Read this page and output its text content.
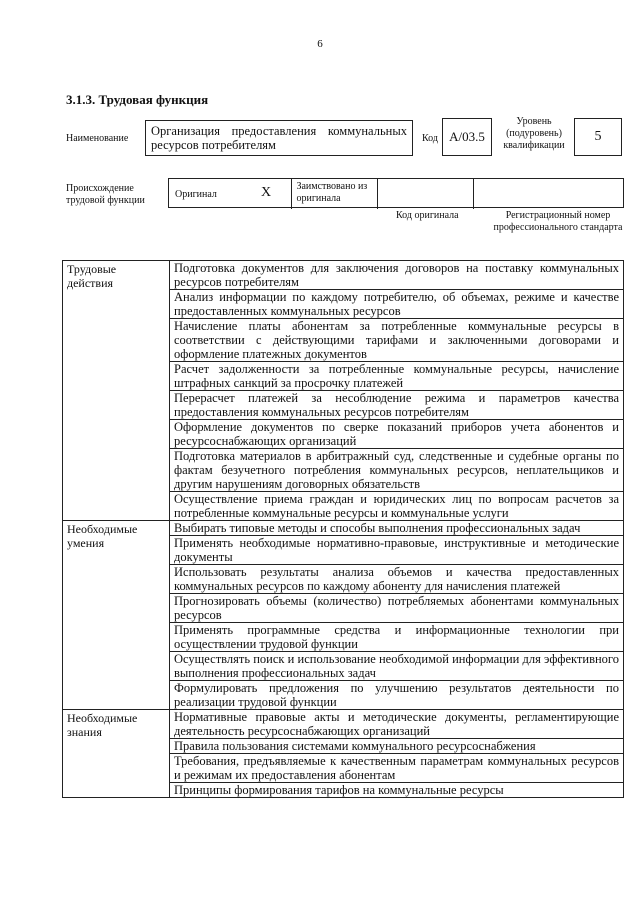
6
3.1.3. Трудовая функция
Наименование
Организация предоставления коммунальных ресурсов потребителям	Код А/03.5
Уровень (подуровень) квалификации
5
Происхождение трудовой функции
Оригинал	X	Заимствовано из оригинала
Код оригинала	Регистрационный номер профессионального стандарта
Трудовые действия	Подготовка документов для заключения договоров на поставку коммунальных ресурсов потребителям
	Анализ информации по каждому потребителю, об объемах, режиме и качестве предоставленных коммунальных ресурсов
	Начисление платы абонентам за потребленные коммунальные ресурсы в соответствии с действующими тарифами и заключенными договорами и оформление платежных документов
	Расчет задолженности за потребленные коммунальные ресурсы, начисление штрафных санкций за просрочку платежей
	Перерасчет платежей за несоблюдение режима и параметров качества предоставления коммунальных ресурсов потребителям
	Оформление документов по сверке показаний приборов учета абонентов и ресурсоснабжающих организаций
	Подготовка материалов в арбитражный суд, следственные и судебные органы по фактам безучетного потребления коммунальных ресурсов, неплательщиков и другим нарушениям договорных обязательств
	Осуществление приема граждан и юридических лиц по вопросам расчетов за потребленные коммунальные ресурсы и коммунальные услуги
Необходимые умения	Выбирать типовые методы и способы выполнения профессиональных задач
	Применять необходимые нормативно-правовые, инструктивные и методические документы
	Использовать результаты анализа объемов и качества предоставленных коммунальных ресурсов по каждому абоненту для начисления платежей
	Прогнозировать объемы (количество) потребляемых абонентами коммунальных ресурсов
	Применять программные средства и информационные технологии при осуществлении трудовой функции
	Осуществлять поиск и использование необходимой информации для эффективного выполнения профессиональных задач
	Формулировать предложения по улучшению результатов деятельности по реализации трудовой функции
Необходимые знания	Нормативные правовые акты и методические документы, регламентирующие деятельность ресурсоснабжающих организаций
	Правила пользования системами коммунального ресурсоснабжения
	Требования, предъявляемые к качественным параметрам коммунальных ресурсов и режимам их предоставления абонентам
	Принципы формирования тарифов на коммунальные ресурсы
